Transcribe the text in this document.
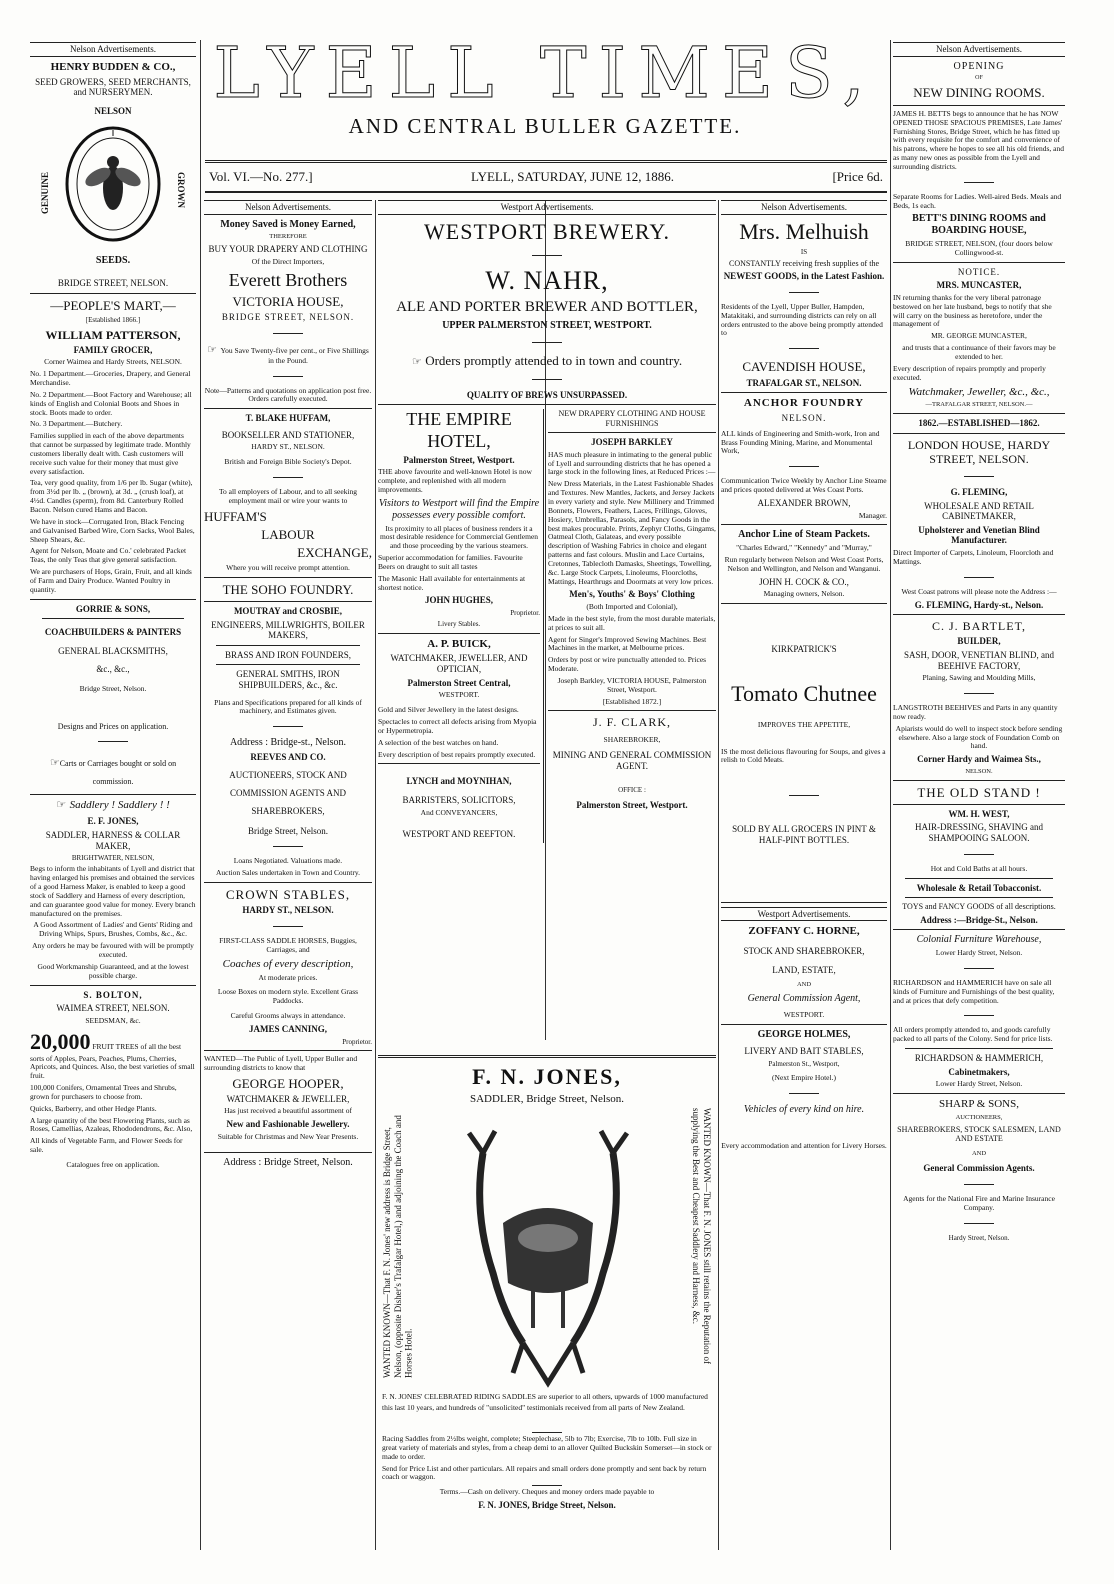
LYELL TIMES,
AND CENTRAL BULLER GAZETTE.
Vol. VI.—No. 277.]	LYELL, SATURDAY, JUNE 12, 1886.	[Price 6d.
Nelson Advertisements.

HENRY BUDDEN & CO.,

SEED GROWERS, SEED MERCHANTS, and NURSERYMEN.

NELSON

GENUINE	GROWN
SEEDS.

BRIDGE STREET, NELSON.

—PEOPLE'S MART,—

[Established 1866.]

WILLIAM PATTERSON,

FAMILY GROCER,

Corner Waimea and Hardy Streets, NELSON.

No. 1 Department.—Groceries, Drapery, and General Merchandise.

No. 2 Department.—Boot Factory and Warehouse; all kinds of English and Colonial Boots and Shoes in stock. Boots made to order.

No. 3 Department.—Butchery.

Families supplied in each of the above departments that cannot be surpassed by legitimate trade. Monthly customers liberally dealt with. Cash customers will receive such value for their money that must give every satisfaction.

Tea, very good quality, from 1/6 per lb. Sugar (white), from 3½d per lb. „ (brown), at 3d. „ (crush loaf), at 4½d. Candles (sperm), from 8d. Canterbury Rolled Bacon. Nelson cured Hams and Bacon.

We have in stock—Corrugated Iron, Black Fencing and Galvanised Barbed Wire, Corn Sacks, Wool Bales, Sheep Shears, &c.

Agent for Nelson, Moate and Co.' celebrated Packet Teas, the only Teas that give general satisfaction.

We are purchasers of Hops, Grain, Fruit, and all kinds of Farm and Dairy Produce. Wanted Poultry in quantity.

GORRIE & SONS,

COACHBUILDERS & PAINTERS

GENERAL BLACKSMITHS,

&c., &c.,

Bridge Street, Nelson.

Designs and Prices on application.

☞Carts or Carriages bought or sold on commission.

☞ Saddlery ! Saddlery ! !

E. F. JONES,

SADDLER, HARNESS & COLLAR MAKER,

BRIGHTWATER, NELSON,

Begs to inform the inhabitants of Lyell and district that having enlarged his premises and obtained the services of a good Harness Maker, is enabled to keep a good stock of Saddlery and Harness of every description, and can guarantee good value for money. Every branch manufactured on the premises.

A Good Assortment of Ladies' and Gents' Riding and Driving Whips, Spurs, Brushes, Combs, &c., &c.

Any orders he may be favoured with will be promptly executed.

Good Workmanship Guaranteed, and at the lowest possible charge.

S. BOLTON,

WAIMEA STREET, NELSON.

SEEDSMAN, &c.

20,000 FRUIT TREES of all the best sorts of Apples, Pears, Peaches, Plums, Cherries, Apricots, and Quinces. Also, the best varieties of small fruit.

100,000 Conifers, Ornamental Trees and Shrubs, grown for purchasers to choose from.

Quicks, Barberry, and other Hedge Plants.

A large quantity of the best Flowering Plants, such as Roses, Camellias, Azaleas, Rhododendrons, &c. Also,

All kinds of Vegetable Farm, and Flower Seeds for sale.

Catalogues free on application.

Nelson Advertisements.

Money Saved is Money Earned,

THEREFORE

BUY YOUR DRAPERY AND CLOTHING

Of the Direct Importers,

Everett Brothers

VICTORIA HOUSE,

BRIDGE STREET, NELSON.

☞ You Save Twenty-five per cent., or Five Shillings in the Pound.

Note—Patterns and quotations on application post free. Orders carefully executed.

T. BLAKE HUFFAM,

BOOKSELLER AND STATIONER,

HARDY ST., NELSON.

British and Foreign Bible Society's Depot.

To all employers of Labour, and to all seeking employment mail or wire your wants to

HUFFAM'S

LABOUR

EXCHANGE,

Where you will receive prompt attention.

THE SOHO FOUNDRY.

MOUTRAY and CROSBIE,

ENGINEERS, MILLWRIGHTS, BOILER MAKERS,

BRASS AND IRON FOUNDERS,

GENERAL SMITHS, IRON SHIPBUILDERS, &c., &c.

Plans and Specifications prepared for all kinds of machinery, and Estimates given.

Address : Bridge-st., Nelson.

REEVES AND CO.

AUCTIONEERS, STOCK AND COMMISSION AGENTS AND SHAREBROKERS,

Bridge Street, Nelson.

Loans Negotiated. Valuations made.

Auction Sales undertaken in Town and Country.

CROWN STABLES,

HARDY ST., NELSON.

FIRST-CLASS SADDLE HORSES, Buggies, Carriages, and

Coaches of every description,

At moderate prices.

Loose Boxes on modern style. Excellent Grass Paddocks.

Careful Grooms always in attendance.

JAMES CANNING,

Proprietor.

WANTED—The Public of Lyell, Upper Buller and surrounding districts to know that

GEORGE HOOPER,

WATCHMAKER & JEWELLER,

Has just received a beautiful assortment of

New and Fashionable Jewellery.

Suitable for Christmas and New Year Presents.

Address : Bridge Street, Nelson.

Westport Advertisements.

WESTPORT BREWERY.

W. NAHR,

ALE AND PORTER BREWER AND BOTTLER,

UPPER PALMERSTON STREET, WESTPORT.

☞ Orders promptly attended to in town and country.

QUALITY OF BREWS UNSURPASSED.

THE EMPIRE HOTEL,

Palmerston Street, Westport.

THE above favourite and well-known Hotel is now complete, and replenished with all modern improvements.

Visitors to Westport will find the Empire possesses every possible comfort.

Its proximity to all places of business renders it a most desirable residence for Commercial Gentlemen and those proceeding by the various steamers.

Superior accommodation for families. Favourite Beers on draught to suit all tastes

The Masonic Hall available for entertainments at shortest notice.

JOHN HUGHES,

Proprietor.

Livery Stables.

A. P. BUICK,

WATCHMAKER, JEWELLER, AND OPTICIAN,

Palmerston Street Central,

WESTPORT.

Gold and Silver Jewellery in the latest designs.

Spectacles to correct all defects arising from Myopia or Hypermetropia.

A selection of the best watches on hand.

Every description of best repairs promptly executed.

LYNCH and MOYNIHAN,

BARRISTERS, SOLICITORS,

And CONVEYANCERS,

WESTPORT AND REEFTON.

NEW DRAPERY CLOTHING AND HOUSE FURNISHINGS

JOSEPH BARKLEY

HAS much pleasure in intimating to the general public of Lyell and surrounding districts that he has opened a large stock in the following lines, at Reduced Prices :—

New Dress Materials, in the Latest Fashionable Shades and Textures. New Mantles, Jackets, and Jersey Jackets in every variety and style. New Millinery and Trimmed Bonnets, Flowers, Feathers, Laces, Frillings, Gloves, Hosiery, Umbrellas, Parasols, and Fancy Goods in the best makes procurable. Prints, Zephyr Cloths, Gingams, Oatmeal Cloth, Galateas, and every possible description of Washing Fabrics in choice and elegant patterns and fast colours. Muslin and Lace Curtains, Cretonnes, Tablecloth Damasks, Sheetings, Towelling, &c. Large Stock Carpets, Linoleums, Floorcloths, Mattings, Hearthrugs and Doormats at very low prices.

Men's, Youths' & Boys' Clothing

(Both Imported and Colonial),

Made in the best style, from the most durable materials, at prices to suit all.

Agent for Singer's Improved Sewing Machines. Best Machines in the market, at Melbourne prices.

Orders by post or wire punctually attended to. Prices Moderate.

Joseph Barkley, VICTORIA HOUSE, Palmerston Street, Westport.

[Established 1872.]

J. F. CLARK,

SHAREBROKER,

MINING AND GENERAL COMMISSION AGENT.

OFFICE :

Palmerston Street, Westport.

F. N. JONES,

SADDLER, Bridge Street, Nelson.

WANTED KNOWN—That F. N. Jones' new address is Bridge Street, Nelson, (opposite Disher's Trafalgar Hotel,) and adjoining the Coach and Horses Hotel.	WANTED KNOWN—That F. N. JONES still retains the Reputation of supplying the Best and Cheapest Saddlery and Harness, &c.

F. N. JONES' CELEBRATED RIDING SADDLES are superior to all others, upwards of 1000 manufactured this last 10 years, and hundreds of "unsolicited" testimonials received from all parts of New Zealand.

Racing Saddles from 2½lbs weight, complete; Steeplechase, 5lb to 7lb; Exercise, 7lb to 10lb. Full size in great variety of materials and styles, from a cheap demi to an allover Quilted Buckskin Somerset—in stock or made to order.

Send for Price List and other particulars. All repairs and small orders done promptly and sent back by return coach or waggon.

Terms.—Cash on delivery. Cheques and money orders made payable to

F. N. JONES, Bridge Street, Nelson.

Nelson Advertisements.

Mrs. Melhuish

IS

CONSTANTLY receiving fresh supplies of the

NEWEST GOODS, in the Latest Fashion.

Residents of the Lyell, Upper Buller, Hampden, Matakitaki, and surrounding districts can rely on all orders entrusted to the above being promptly attended to

CAVENDISH HOUSE,

TRAFALGAR ST., NELSON.

ANCHOR FOUNDRY

NELSON.

ALL kinds of Engineering and Smith-work, Iron and Brass Founding Mining, Marine, and Monumental Work,

Communication Twice Weekly by Anchor Line Steame and prices quoted delivered at Wes Coast Ports.

ALEXANDER BROWN,

Manager.

Anchor Line of Steam Packets.

"Charles Edward," "Kennedy" and "Murray,"

Run regularly between Nelson and West Coast Ports, Nelson and Wellington, and Nelson and Wanganui.

JOHN H. COCK & CO.,

Managing owners, Nelson.

KIRKPATRICK'S

Tomato Chutnee

IMPROVES THE APPETITE,

IS the most delicious flavouring for Soups, and gives a relish to Cold Meats.

SOLD BY ALL GROCERS IN PINT & HALF-PINT BOTTLES.

Westport Advertisements.

ZOFFANY C. HORNE,

STOCK AND SHAREBROKER,

LAND, ESTATE,

AND

General Commission Agent,

WESTPORT.

GEORGE HOLMES,

LIVERY AND BAIT STABLES,

Palmerston St., Westport,

(Next Empire Hotel.)

Vehicles of every kind on hire.

Every accommodation and attention for Livery Horses.

Nelson Advertisements.

OPENING

OF

NEW DINING ROOMS.

JAMES H. BETTS begs to announce that he has NOW OPENED THOSE SPACIOUS PREMISES, Late James' Furnishing Stores, Bridge Street, which he has fitted up with every requisite for the comfort and convenience of his patrons, where he hopes to see all his old friends, and as many new ones as possible from the Lyell and surrounding districts.

Separate Rooms for Ladies. Well-aired Beds. Meals and Beds, 1s each.

BETT'S DINING ROOMS and BOARDING HOUSE,

BRIDGE STREET, NELSON, (four doors below Collingwood-st.

NOTICE.

MRS. MUNCASTER,

IN returning thanks for the very liberal patronage bestowed on her late husband, begs to notify that she will carry on the business as heretofore, under the management of

MR. GEORGE MUNCASTER,

and trusts that a continuance of their favors may be extended to her.

Every description of repairs promptly and properly executed.

Watchmaker, Jeweller, &c., &c.,

—TRAFALGAR STREET, NELSON.—

1862.—ESTABLISHED—1862.

LONDON HOUSE, HARDY STREET, NELSON.

G. FLEMING,

WHOLESALE AND RETAIL CABINETMAKER,

Upholsterer and Venetian Blind Manufacturer.

Direct Importer of Carpets, Linoleum, Floorcloth and Mattings.

West Coast patrons will please note the Address :—

G. FLEMING, Hardy-st., Nelson.

C. J. BARTLET,

BUILDER,

SASH, DOOR, VENETIAN BLIND, and BEEHIVE FACTORY,

Planing, Sawing and Moulding Mills,

LANGSTROTH BEEHIVES and Parts in any quantity now ready.

Apiarists would do well to inspect stock before sending elsewhere. Also a large stock of Foundation Comb on hand.

Corner Hardy and Waimea Sts.,

NELSON.

THE OLD STAND !

WM. H. WEST,

HAIR-DRESSING, SHAVING and SHAMPOOING SALOON.

Hot and Cold Baths at all hours.

Wholesale & Retail Tobacconist.

TOYS and FANCY GOODS of all descriptions.

Address :—Bridge-St., Nelson.

Colonial Furniture Warehouse,

Lower Hardy Street, Nelson.

RICHARDSON and HAMMERICH have on sale all kinds of Furniture and Furnishings of the best quality, and at prices that defy competition.

All orders promptly attended to, and goods carefully packed to all parts of the Colony. Send for price lists.

RICHARDSON & HAMMERICH,

Cabinetmakers,

Lower Hardy Street, Nelson.

SHARP & SONS,

AUCTIONEERS,

SHAREBROKERS, STOCK SALESMEN, LAND AND ESTATE

AND

General Commission Agents.

Agents for the National Fire and Marine Insurance Company.

Hardy Street, Nelson.
